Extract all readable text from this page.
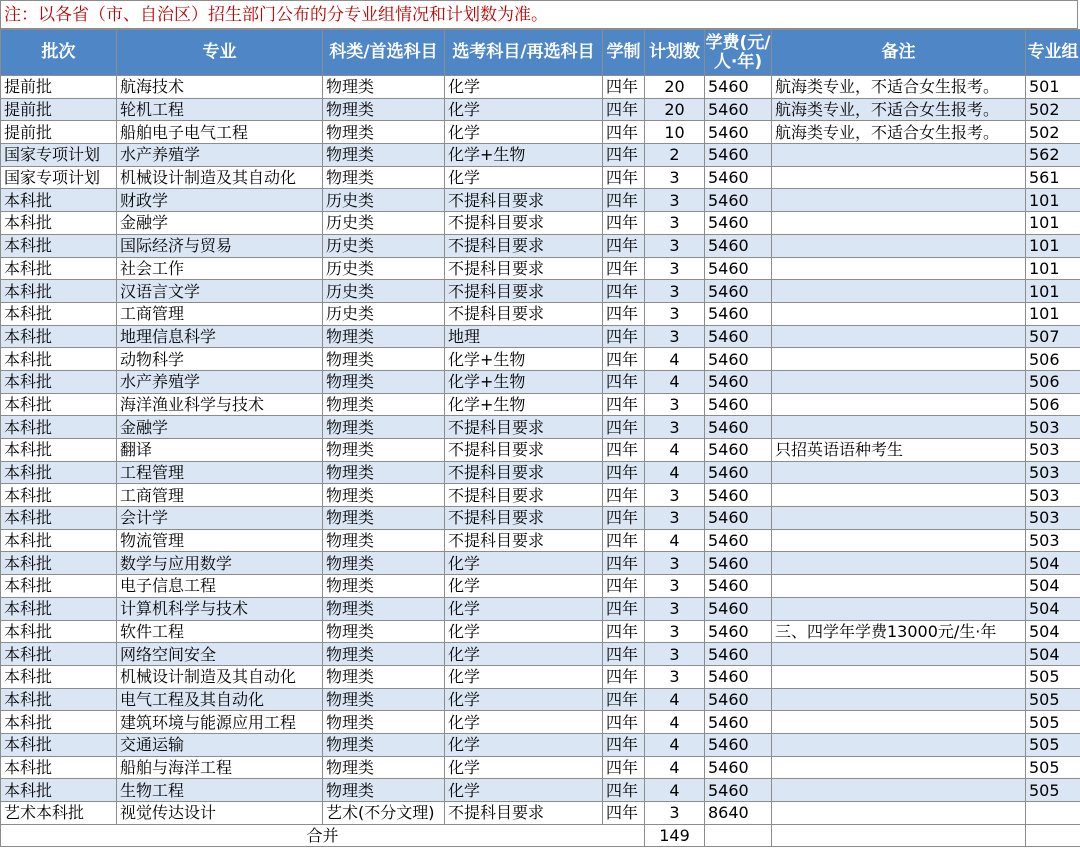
注：以各省（市、自治区）招生部门公布的分专业组情况和计划数为准。
批次	专业	科类/首选科目	选考科目/再选科目	学制	计划数	学费(元/人·年)	备注	专业组
提前批	航海技术	物理类	化学	四年	20	5460	航海类专业，不适合女生报考。	501
提前批	轮机工程	物理类	化学	四年	20	5460	航海类专业，不适合女生报考。	502
提前批	船舶电子电气工程	物理类	化学	四年	10	5460	航海类专业，不适合女生报考。	502
国家专项计划	水产养殖学	物理类	化学+生物	四年	2	5460		562
国家专项计划	机械设计制造及其自动化	物理类	化学	四年	3	5460		561
本科批	财政学	历史类	不提科目要求	四年	3	5460		101
本科批	金融学	历史类	不提科目要求	四年	3	5460		101
本科批	国际经济与贸易	历史类	不提科目要求	四年	3	5460		101
本科批	社会工作	历史类	不提科目要求	四年	3	5460		101
本科批	汉语言文学	历史类	不提科目要求	四年	3	5460		101
本科批	工商管理	历史类	不提科目要求	四年	3	5460		101
本科批	地理信息科学	物理类	地理	四年	3	5460		507
本科批	动物科学	物理类	化学+生物	四年	4	5460		506
本科批	水产养殖学	物理类	化学+生物	四年	4	5460		506
本科批	海洋渔业科学与技术	物理类	化学+生物	四年	3	5460		506
本科批	金融学	物理类	不提科目要求	四年	3	5460		503
本科批	翻译	物理类	不提科目要求	四年	4	5460	只招英语语种考生	503
本科批	工程管理	物理类	不提科目要求	四年	4	5460		503
本科批	工商管理	物理类	不提科目要求	四年	3	5460		503
本科批	会计学	物理类	不提科目要求	四年	3	5460		503
本科批	物流管理	物理类	不提科目要求	四年	4	5460		503
本科批	数学与应用数学	物理类	化学	四年	3	5460		504
本科批	电子信息工程	物理类	化学	四年	3	5460		504
本科批	计算机科学与技术	物理类	化学	四年	3	5460		504
本科批	软件工程	物理类	化学	四年	3	5460	三、四学年学费13000元/生·年	504
本科批	网络空间安全	物理类	化学	四年	3	5460		504
本科批	机械设计制造及其自动化	物理类	化学	四年	3	5460		505
本科批	电气工程及其自动化	物理类	化学	四年	4	5460		505
本科批	建筑环境与能源应用工程	物理类	化学	四年	4	5460		505
本科批	交通运输	物理类	化学	四年	4	5460		505
本科批	船舶与海洋工程	物理类	化学	四年	4	5460		505
本科批	生物工程	物理类	化学	四年	4	5460		505
艺术本科批	视觉传达设计	艺术(不分文理)	不提科目要求	四年	3	8640		
合并					149			
